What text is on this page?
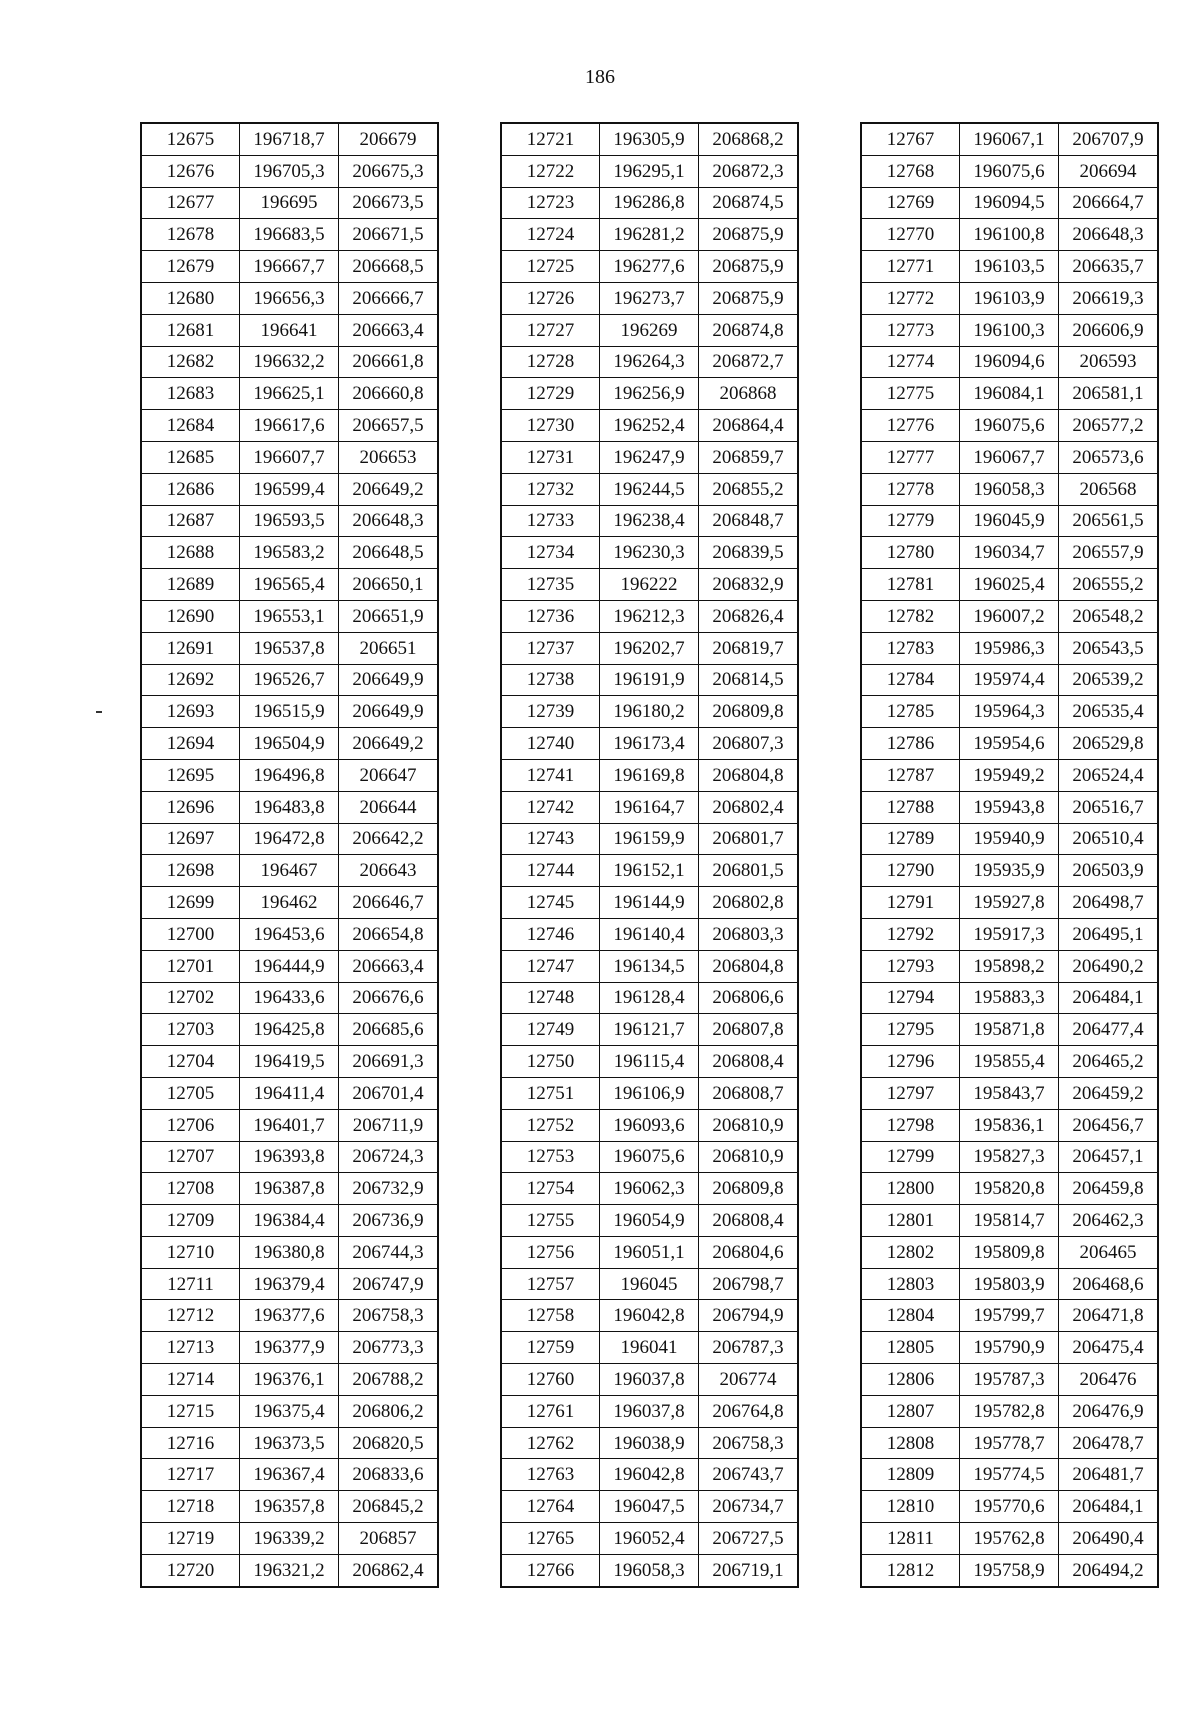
186
12675	196718,7	206679
12676	196705,3	206675,3
12677	196695	206673,5
12678	196683,5	206671,5
12679	196667,7	206668,5
12680	196656,3	206666,7
12681	196641	206663,4
12682	196632,2	206661,8
12683	196625,1	206660,8
12684	196617,6	206657,5
12685	196607,7	206653
12686	196599,4	206649,2
12687	196593,5	206648,3
12688	196583,2	206648,5
12689	196565,4	206650,1
12690	196553,1	206651,9
12691	196537,8	206651
12692	196526,7	206649,9
12693	196515,9	206649,9
12694	196504,9	206649,2
12695	196496,8	206647
12696	196483,8	206644
12697	196472,8	206642,2
12698	196467	206643
12699	196462	206646,7
12700	196453,6	206654,8
12701	196444,9	206663,4
12702	196433,6	206676,6
12703	196425,8	206685,6
12704	196419,5	206691,3
12705	196411,4	206701,4
12706	196401,7	206711,9
12707	196393,8	206724,3
12708	196387,8	206732,9
12709	196384,4	206736,9
12710	196380,8	206744,3
12711	196379,4	206747,9
12712	196377,6	206758,3
12713	196377,9	206773,3
12714	196376,1	206788,2
12715	196375,4	206806,2
12716	196373,5	206820,5
12717	196367,4	206833,6
12718	196357,8	206845,2
12719	196339,2	206857
12720	196321,2	206862,4
12721	196305,9	206868,2
12722	196295,1	206872,3
12723	196286,8	206874,5
12724	196281,2	206875,9
12725	196277,6	206875,9
12726	196273,7	206875,9
12727	196269	206874,8
12728	196264,3	206872,7
12729	196256,9	206868
12730	196252,4	206864,4
12731	196247,9	206859,7
12732	196244,5	206855,2
12733	196238,4	206848,7
12734	196230,3	206839,5
12735	196222	206832,9
12736	196212,3	206826,4
12737	196202,7	206819,7
12738	196191,9	206814,5
12739	196180,2	206809,8
12740	196173,4	206807,3
12741	196169,8	206804,8
12742	196164,7	206802,4
12743	196159,9	206801,7
12744	196152,1	206801,5
12745	196144,9	206802,8
12746	196140,4	206803,3
12747	196134,5	206804,8
12748	196128,4	206806,6
12749	196121,7	206807,8
12750	196115,4	206808,4
12751	196106,9	206808,7
12752	196093,6	206810,9
12753	196075,6	206810,9
12754	196062,3	206809,8
12755	196054,9	206808,4
12756	196051,1	206804,6
12757	196045	206798,7
12758	196042,8	206794,9
12759	196041	206787,3
12760	196037,8	206774
12761	196037,8	206764,8
12762	196038,9	206758,3
12763	196042,8	206743,7
12764	196047,5	206734,7
12765	196052,4	206727,5
12766	196058,3	206719,1
12767	196067,1	206707,9
12768	196075,6	206694
12769	196094,5	206664,7
12770	196100,8	206648,3
12771	196103,5	206635,7
12772	196103,9	206619,3
12773	196100,3	206606,9
12774	196094,6	206593
12775	196084,1	206581,1
12776	196075,6	206577,2
12777	196067,7	206573,6
12778	196058,3	206568
12779	196045,9	206561,5
12780	196034,7	206557,9
12781	196025,4	206555,2
12782	196007,2	206548,2
12783	195986,3	206543,5
12784	195974,4	206539,2
12785	195964,3	206535,4
12786	195954,6	206529,8
12787	195949,2	206524,4
12788	195943,8	206516,7
12789	195940,9	206510,4
12790	195935,9	206503,9
12791	195927,8	206498,7
12792	195917,3	206495,1
12793	195898,2	206490,2
12794	195883,3	206484,1
12795	195871,8	206477,4
12796	195855,4	206465,2
12797	195843,7	206459,2
12798	195836,1	206456,7
12799	195827,3	206457,1
12800	195820,8	206459,8
12801	195814,7	206462,3
12802	195809,8	206465
12803	195803,9	206468,6
12804	195799,7	206471,8
12805	195790,9	206475,4
12806	195787,3	206476
12807	195782,8	206476,9
12808	195778,7	206478,7
12809	195774,5	206481,7
12810	195770,6	206484,1
12811	195762,8	206490,4
12812	195758,9	206494,2
